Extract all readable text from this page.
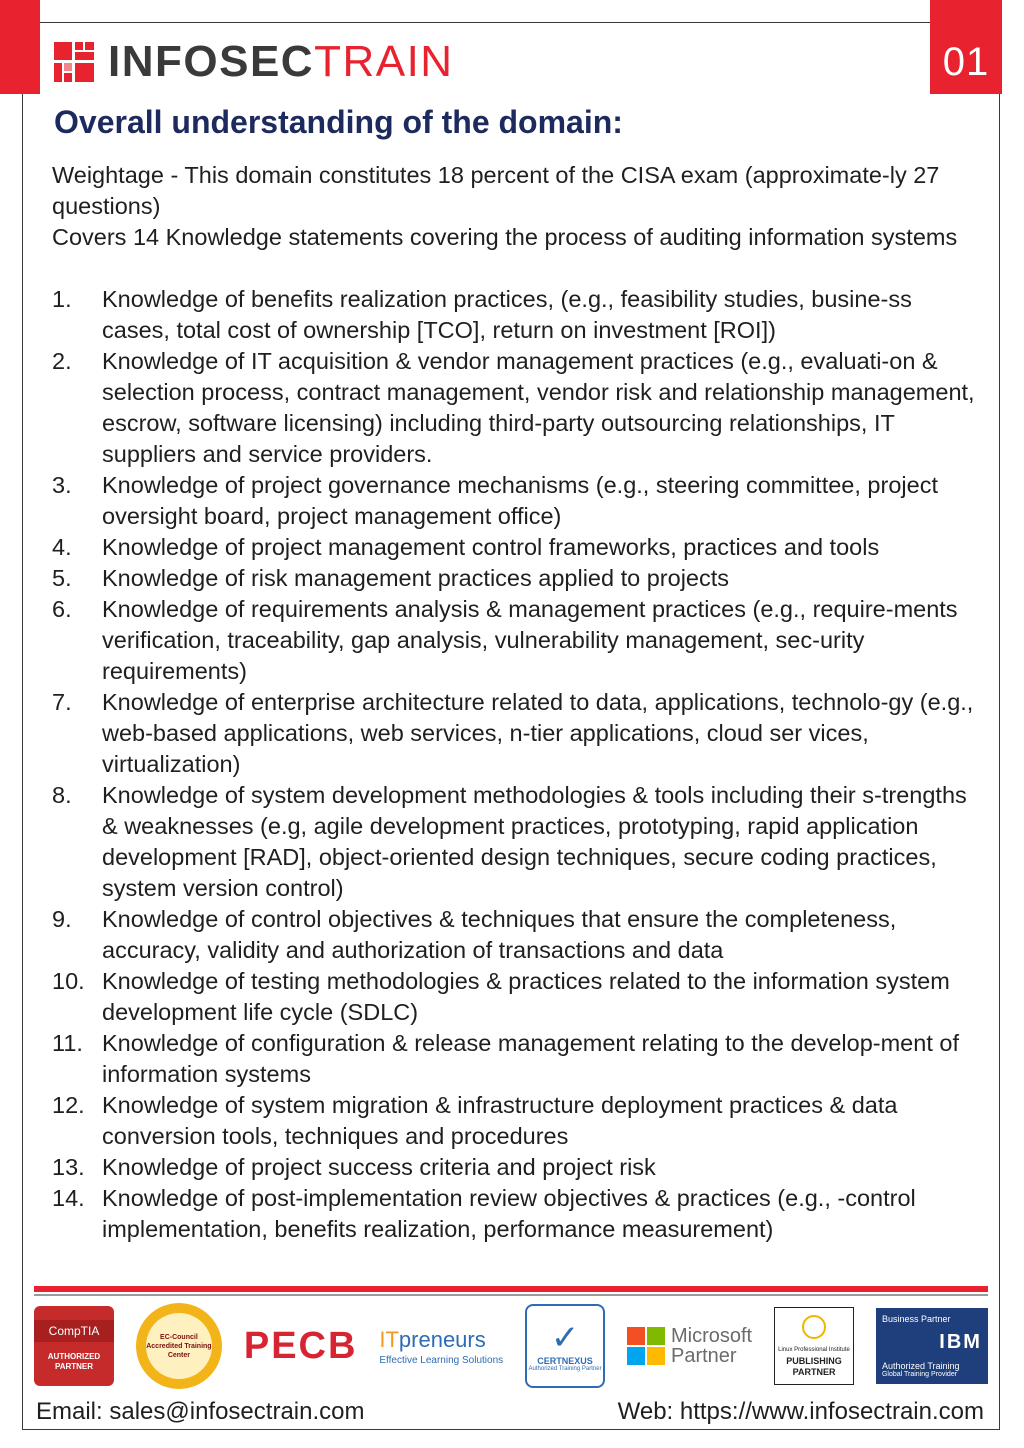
01
INFOSECTRAIN
Overall understanding of the domain:

Weightage - This domain constitutes 18 percent of the CISA exam (approximate-ly 27 questions)

Covers 14 Knowledge statements covering the process of auditing information systems

1.	Knowledge of benefits realization practices, (e.g., feasibility studies, busine-ss cases, total cost of ownership [TCO], return on investment [ROI])
2.	Knowledge of IT acquisition & vendor management practices (e.g., evaluati-on & selection process, contract management, vendor risk and relationship management, escrow, software licensing) including third-party outsourcing relationships, IT suppliers and service providers.
3.	Knowledge of project governance mechanisms (e.g., steering committee, project oversight board, project management office)
4.	Knowledge of project management control frameworks, practices and tools
5.	Knowledge of risk management practices applied to projects
6.	Knowledge of requirements analysis & management practices (e.g., require-ments verification, traceability, gap analysis, vulnerability management, sec-urity requirements)
7.	Knowledge of enterprise architecture related to data, applications, technolo-gy (e.g., web-based applications, web services, n-tier applications, cloud ser vices, virtualization)
8.	Knowledge of system development methodologies & tools including their s-trengths & weaknesses (e.g, agile development practices, prototyping, rapid application development [RAD], object-oriented design techniques, secure coding practices, system version control)
9.	Knowledge of control objectives & techniques that ensure the completeness, accuracy, validity and authorization of transactions and data
10. Knowledge of testing methodologies & practices related to the information system development life cycle (SDLC)
11. Knowledge of configuration & release management relating to the develop-ment of information systems
12. Knowledge of system migration & infrastructure deployment practices & data conversion tools, techniques and procedures
13. Knowledge of project success criteria and project risk
14. Knowledge of post-implementation review objectives & practices (e.g., -control implementation, benefits realization, performance measurement)
CompTIA
AUTHORIZED PARTNER
EC-Council
Accredited Training Center	PECB ITpreneurs
Effective Learning Solutions
✓
CERTNEXUS
Authorized Training Partner
Microsoft
Partner	Linux Professional Institute
PUBLISHING PARTNER
Business Partner
IBM
Authorized Training
Global Training Provider
Email: sales@infosectrain.com	Web: https://www.infosectrain.com
